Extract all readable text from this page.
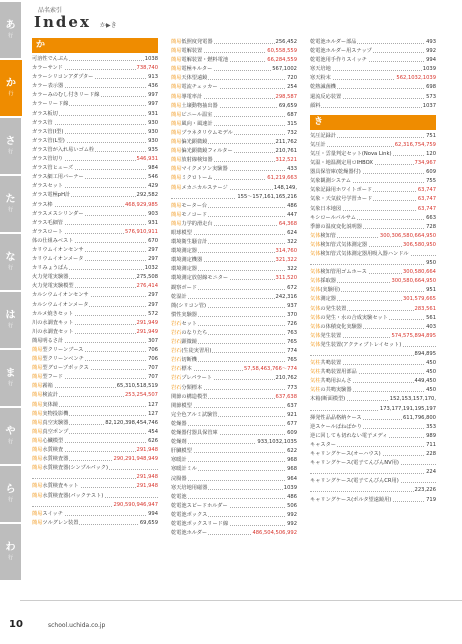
あ
行
か
行
さ
行
た
行
な
行
は
行
ま
行
や
行
ら
行
わ
行
品名索引
Index か▶き
か
可溶性でんぷん	1038
カラーサンド	738,740
カラーシリコンアダプター	913
カラー表示器	436
カラーみのむし付きリード線	997
カラーリード線	997
ガラス板切	931
ガラス管	930
ガラス管(I型)	930
ガラス管(L型)	930
ガラス管が入れ易いゴム栓	935
ガラス管切り	546,931
ガラス管ヒューズ	984
ガラス細工用バーナー	546
ガラスセット	429
ガラス電極pH計	292,582
ガラス棒	468,929,985
ガラスメスシリンダー	903
ガラス毛細管	931
ガラスロート	576,910,911
体の仕組みベスト	670
カリウムイオンセンサ	297
カリウムイオンメータ	297
カリみょうばん	1032
火力発電実験器	275,508
火力発電実験模型	276,414
カルシウムイオンセンサ	297
カルシウムイオンメータ	297
カルメ焼きセット	572
川の水調査キット	291,949
川の水調査セット	291,949
簡易明るさ計	307
簡易型クリーンブース	706
簡易型クリーンベンチ	706
簡易型グローブボックス	707
簡易型フード	707
簡易霧箱	65,310,518,519
簡易検流計	253,254,507
簡易実体鏡	127
簡易実物投影機	127
簡易真空実験器	82,120,398,454,746
簡易真空ポンプ	454
簡易心臓模型	626
簡易水質検査	291,948
簡易水質検査器	290,291,948,949
簡易水質検査器(シンプルパック)
291,948
簡易水質検査キット	291,948
簡易水質検査器(パックテスト)
290,590,946,947
簡易スイッチ	994
簡易ツルグレン装置	69,659
簡易低照度発電器	256,452
簡易電解装置	60,558,559
簡易電解装置・燃料電池	66,284,559
簡易電極キルター	567,1002
簡易天体望遠鏡	720
簡易電流チェッカー	254
簡易導電率計	298,587
簡易土壌動物抽出器	69,659
簡易ビニール温室	687
簡易風向・風速計	315
簡易プラネタリウムモデル	732
簡易偏光顕微鏡	211,762
簡易偏光顕微鏡フィルター	210,761
簡易放射線検知器	312,521
簡易マイクメソン実験器	433
簡易ミクロトーム	61,219,663
簡易メカニカルステージ	148,149,
155～157,161,165,216
簡易モーター台	486
簡易モノコード	447
簡易力学的滑走台	64,368
眼球模型	624
環境衛生騒音計	322
環境測定器	314,760
環境測定機器	321,322
環境測定器	322
環境測定放射線モニター	311,520
観察ボード	672
乾湿計	242,316
簡(シリコン管)	937
慣性実験器	370
岩石セット	726
岩石のなりたち	763
岩石顕微鏡	765
岩石(生徒実習用)	774
岩石切断機	765
岩石標本	57,58,463,766～774
岩石プレパラート	210,762
岩石分類標本	773
関節の構造模型	637,638
関節模型	637
完全色アルミ試験管	921
乾燥器	677
乾燥器付器具保管庫	609
乾燥剤	933,1032,1035
肝臓模型	622
寒暖計	968
寒暖計ミル	968
浣腸器	964
寒天培地用磁器	1039
乾電池	486
乾電池スピードホルダー	506
乾電池ボックス	992
乾電池ボックスリード線	992
乾電池ホルダー	486,504,506,992
乾電池ホルダー部品	493
乾電池ホルダー用スナップ	992
乾電池用手作りスイッチ	994
寒天培地	1039
寒天粉末	562,1032,1039
乾熱滅菌機	698
還流反応装置	573
顔料	1037
き
気圧記録計	751
気圧計	62,316,754,759
気圧・雲量判定セット(Nova Link)	120
気温・地温測定用ロIHBOX	734,967
器具保管庫(乾燥器付)	609
気象観測システム	755
気象記録用ホワイトボード	63,747
気象・天気紋号学習カード	63,747
気象日本地図	63,747
キシロールバルサム	663
季節の温度変化説明器	728
気体検知管	300,306,580,664,950
気体検知管式気体測定器	306,580,950
気体検知管式気体測定器用吸入器ハンドル
950
気体検知管用ゴムホース	300,580,664
気体採取器	300,580,664,950
気体(実験用)	951
気体測定器	301,579,665
気体の発生装置	283,561
気体の発生・水の合成実験セット	561
気体の体積変化実験器	403
気体発生装置	574,575,894,895
気体発生装置(アクティブトレイセット)
894,895
気柱共鳴装置	450
気柱共鳴装置用部品	450
気柱共鳴用おんさ	449,450
気柱の共鳴実験器	450
木箱(断面模型)	152,153,157,170,
173,177,191,195,197
揮発性品品格納ケース	611,796,800
逆スケールばねばかり	353
逆に回しても切れない電子メディ	989
キャスター	711
キャリングケース(オーハウス)	228
キャリングケース(電子てんびんNV用)
224
キャリングケース(電子てんびんCR用)
223,226
キャリングケース(ポルタ望遠鏡用)	719
10	school.uchida.co.jp
